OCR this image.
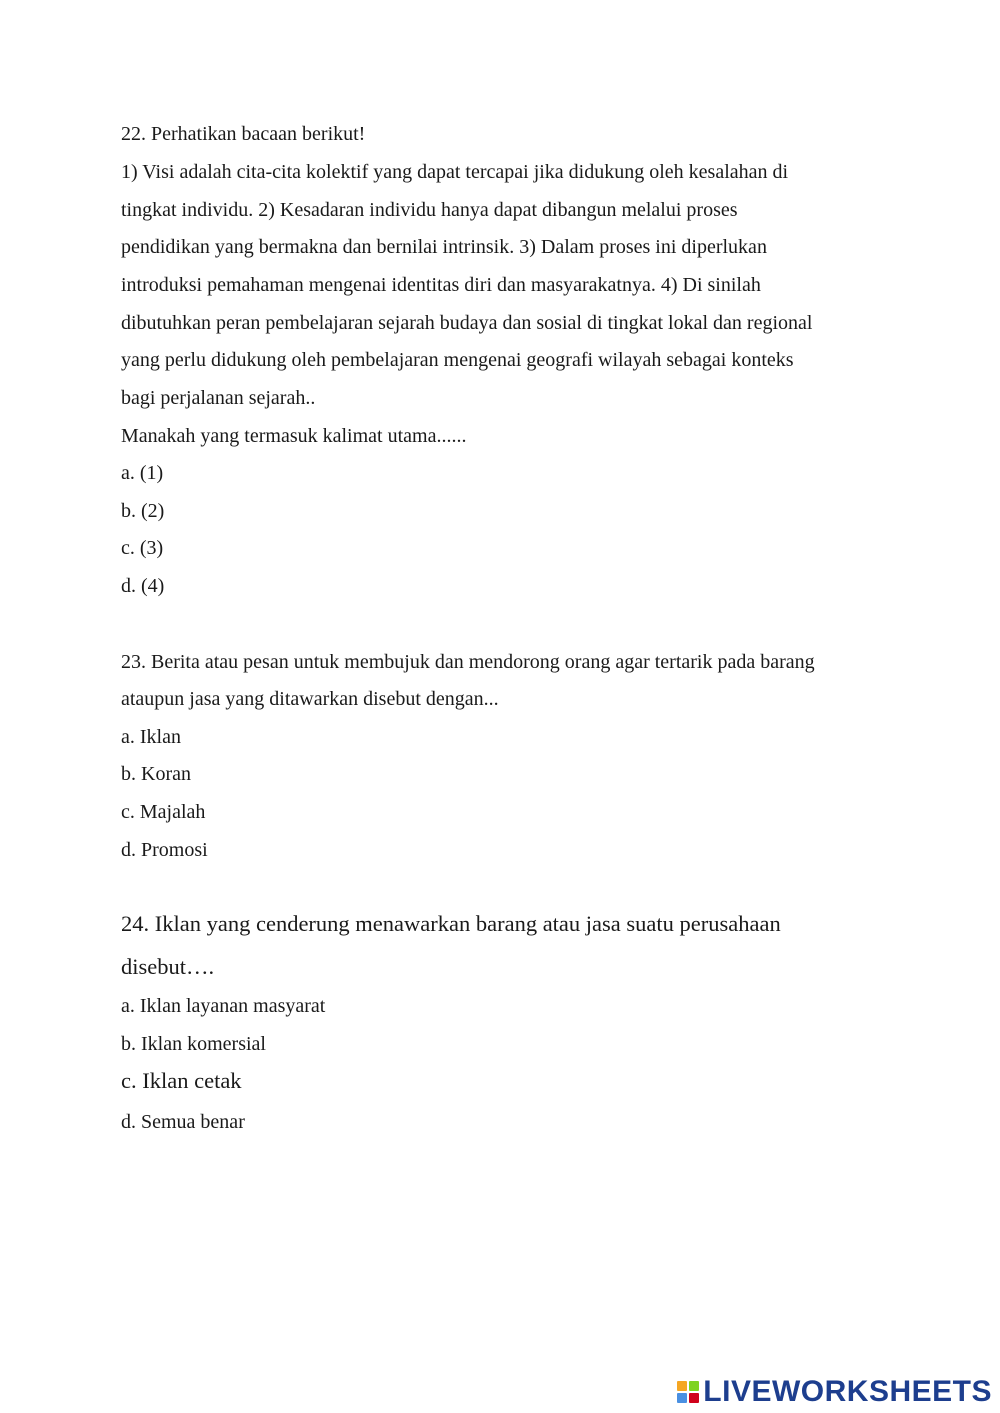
22. Perhatikan bacaan berikut!
1) Visi adalah cita-cita kolektif yang dapat tercapai jika didukung oleh kesalahan di
tingkat individu. 2) Kesadaran individu hanya dapat dibangun melalui proses
pendidikan yang bermakna dan bernilai intrinsik. 3) Dalam proses ini diperlukan
introduksi pemahaman mengenai identitas diri dan masyarakatnya. 4) Di sinilah
dibutuhkan peran pembelajaran sejarah budaya dan sosial di tingkat lokal dan regional
yang perlu didukung oleh pembelajaran mengenai geografi wilayah sebagai konteks
bagi perjalanan sejarah..
Manakah yang termasuk kalimat utama......
a. (1)
b. (2)
c. (3)
d. (4)
23. Berita atau pesan untuk membujuk dan mendorong orang agar tertarik pada barang
ataupun jasa yang ditawarkan disebut dengan...
a. Iklan
b. Koran
c. Majalah
d. Promosi
24. Iklan yang cenderung menawarkan barang atau jasa suatu perusahaan
disebut….
a. Iklan layanan masyarat
b. Iklan komersial
c. Iklan cetak
d. Semua benar
LIVEWORKSHEETS
